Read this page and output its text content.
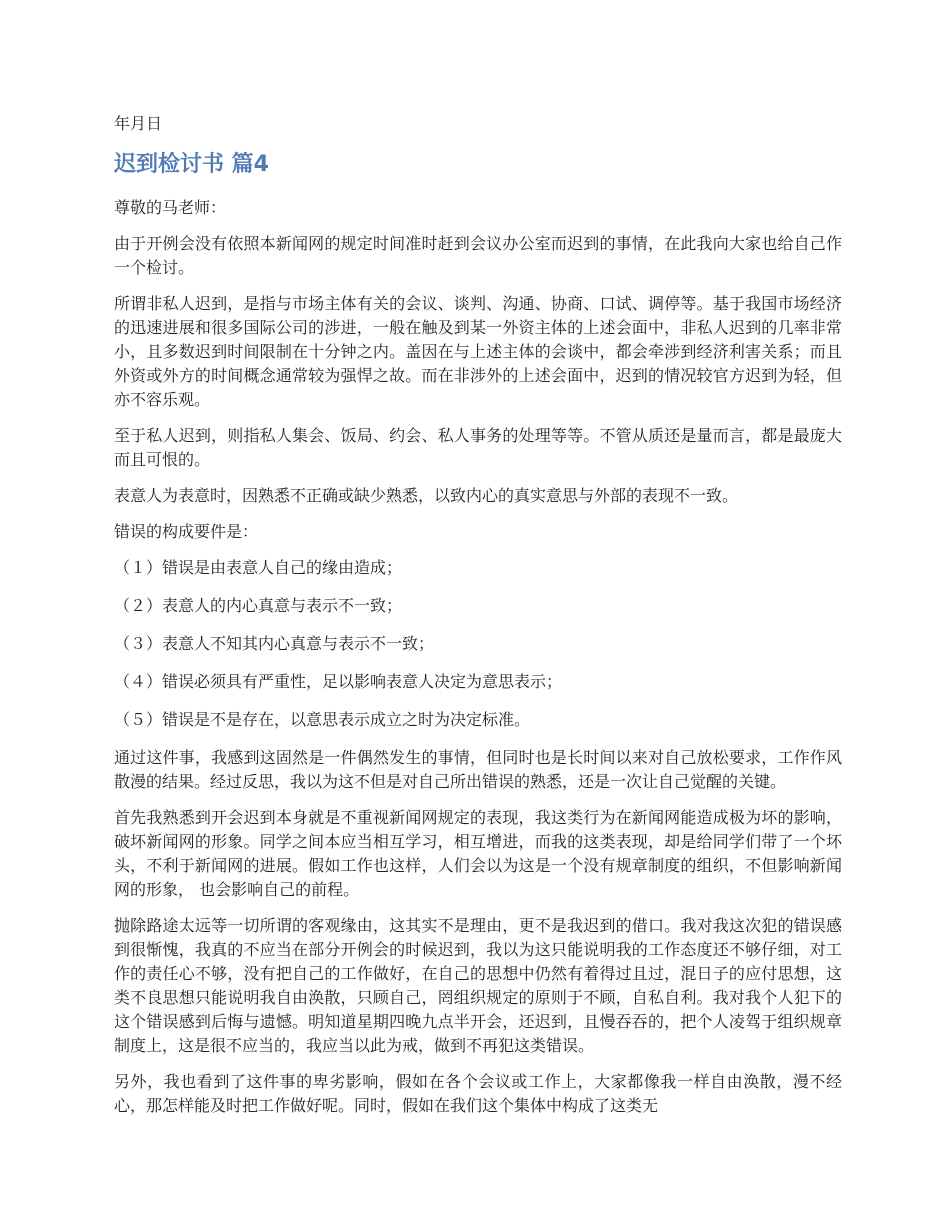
年月日
迟到检讨书 篇4

尊敬的马老师：

由于开例会没有依照本新闻网的规定时间准时赶到会议办公室而迟到的事情，在此我向大家也给自己作一个检讨。

所谓非私人迟到，是指与市场主体有关的会议、谈判、沟通、协商、口试、调停等。基于我国市场经济的迅速进展和很多国际公司的涉进，一般在触及到某一外资主体的上述会面中，非私人迟到的几率非常小，且多数迟到时间限制在十分钟之内。盖因在与上述主体的会谈中，都会牵涉到经济利害关系；而且外资或外方的时间概念通常较为强悍之故。而在非涉外的上述会面中，迟到的情况较官方迟到为轻，但亦不容乐观。

至于私人迟到，则指私人集会、饭局、约会、私人事务的处理等等。不管从质还是量而言，都是最庞大而且可恨的。

表意人为表意时，因熟悉不正确或缺少熟悉，以致内心的真实意思与外部的表现不一致。

错误的构成要件是：

（１）错误是由表意人自己的缘由造成；

（２）表意人的内心真意与表示不一致；

（３）表意人不知其内心真意与表示不一致；

（４）错误必须具有严重性，足以影响表意人决定为意思表示；

（５）错误是不是存在，以意思表示成立之时为决定标准。

通过这件事，我感到这固然是一件偶然发生的事情，但同时也是长时间以来对自己放松要求，工作作风散漫的结果。经过反思，我以为这不但是对自己所出错误的熟悉，还是一次让自己觉醒的关键。

首先我熟悉到开会迟到本身就是不重视新闻网规定的表现，我这类行为在新闻网能造成极为坏的影响，破坏新闻网的形象。同学之间本应当相互学习，相互增进，而我的这类表现，却是给同学们带了一个坏头，不利于新闻网的进展。假如工作也这样，人们会以为这是一个没有规章制度的组织，不但影响新闻网的形象， 也会影响自己的前程。

抛除路途太远等一切所谓的客观缘由，这其实不是理由，更不是我迟到的借口。我对我这次犯的错误感到很惭愧，我真的不应当在部分开例会的时候迟到，我以为这只能说明我的工作态度还不够仔细，对工作的责任心不够，没有把自己的工作做好，在自己的思想中仍然有着得过且过，混日子的应付思想，这类不良思想只能说明我自由涣散，只顾自己，罔组织规定的原则于不顾，自私自利。我对我个人犯下的这个错误感到后悔与遗憾。明知道星期四晚九点半开会，还迟到，且慢吞吞的，把个人凌驾于组织规章制度上，这是很不应当的，我应当以此为戒，做到不再犯这类错误。

另外，我也看到了这件事的卑劣影响，假如在各个会议或工作上，大家都像我一样自由涣散，漫不经心，那怎样能及时把工作做好呢。同时，假如在我们这个集体中构成了这类无
